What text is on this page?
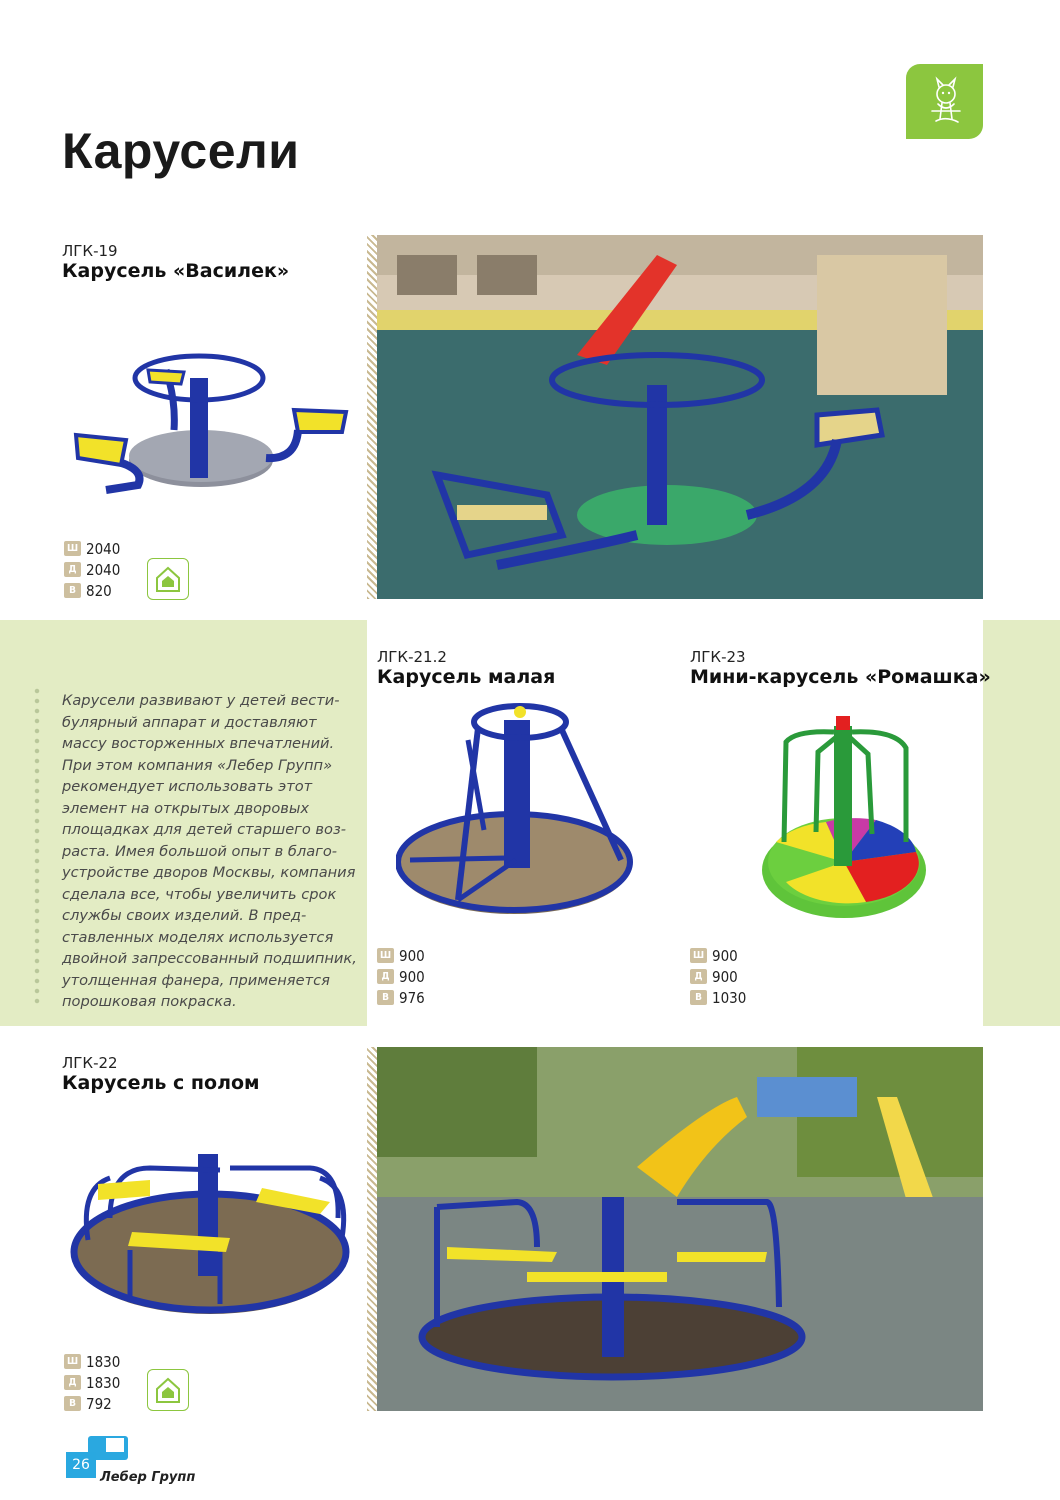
Карусели
ЛГК-19
Карусель «Василек»
Ш 2040
Д 2040
В 820
Карусели развивают у детей вести-
булярный аппарат и доставляют
массу восторженных впечатлений.
При этом компания «Лебер Групп»
рекомендует использовать этот
элемент на открытых дворовых
площадках для детей старшего воз-
раста. Имея большой опыт в благо-
устройстве дворов Москвы, компания
сделала все, чтобы увеличить срок
службы своих изделий. В пред-
ставленных моделях используется
двойной запрессованный подшипник,
утолщенная фанера, применяется
порошковая покраска.
ЛГК-21.2
Карусель малая
Ш 900
Д 900
В 976
ЛГК-23
Мини-карусель «Ромашка»
Ш 900
Д 900
В 1030
ЛГК-22
Карусель с полом
Ш 1830
Д 1830
В 792
26
Лебер Групп
